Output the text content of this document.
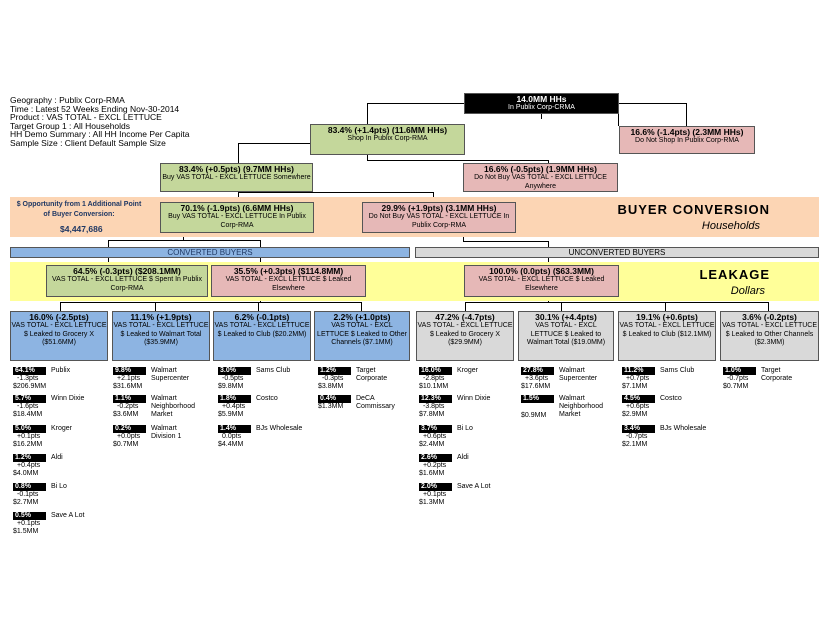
Geography : Publix Corp-RMA
Time : Latest 52 Weeks Ending Nov-30-2014
Product : VAS TOTAL - EXCL LETTUCE
Target Group 1 : All Households
HH Demo Summary : All HH Income Per Capita
Sample Size : Client Default Sample Size
14.0MM HHs
In Publix Corp-CRMA
83.4% (+1.4pts) (11.6MM HHs)
Shop In Publix Corp-RMA
16.6% (-1.4pts) (2.3MM HHs)
Do Not Shop In Publix Corp-RMA
83.4% (+0.5pts) (9.7MM HHs)
Buy VAS TOTAL - EXCL LETTUCE Somewhere
16.6% (-0.5pts) (1.9MM HHs)
Do Not Buy VAS TOTAL - EXCL LETTUCE Anywhere
$ Opportunity from 1 Additional Point of Buyer Conversion:
$4,447,686
BUYER CONVERSION
Households
70.1% (-1.9pts) (6.6MM HHs)
Buy VAS TOTAL - EXCL LETTUCE In Publix Corp-RMA
29.9% (+1.9pts) (3.1MM HHs)
Do Not Buy VAS TOTAL - EXCL LETTUCE In Publix Corp-RMA
CONVERTED BUYERS	UNCONVERTED BUYERS
LEAKAGE
Dollars
64.5% (-0.3pts) ($208.1MM)
VAS TOTAL - EXCL LETTUCE $ Spent In Publix Corp-RMA
35.5% (+0.3pts) ($114.8MM)
VAS TOTAL - EXCL LETTUCE $ Leaked Elsewhere
100.0% (0.0pts) ($63.3MM)
VAS TOTAL - EXCL LETTUCE $ Leaked Elsewhere
16.0% (-2.5pts)
VAS TOTAL - EXCL LETTUCE $ Leaked to Grocery X ($51.6MM)
11.1% (+1.9pts)
VAS TOTAL - EXCL LETTUCE $ Leaked to Walmart Total ($35.9MM)
6.2% (-0.1pts)
VAS TOTAL - EXCL LETTUCE $ Leaked to Club ($20.2MM)
2.2% (+1.0pts)
VAS TOTAL - EXCL LETTUCE $ Leaked to Other Channels ($7.1MM)
47.2% (-4.7pts)
VAS TOTAL - EXCL LETTUCE $ Leaked to Grocery X ($29.9MM)
30.1% (+4.4pts)
VAS TOTAL - EXCL LETTUCE $ Leaked to Walmart Total ($19.0MM)
19.1% (+0.6pts)
VAS TOTAL - EXCL LETTUCE $ Leaked to Club ($12.1MM)
3.6% (-0.2pts)
VAS TOTAL - EXCL LETTUCE $ Leaked to Other Channels ($2.3MM)
64.1% Publix
-1.3pts
$206.9MM
5.7%	Winn Dixie
-1.6pts
$18.4MM
5.0%	Kroger
+0.1pts
$16.2MM
1.2%	Aldi
+0.4pts
$4.0MM
0.8%	Bi Lo
-0.1pts
$2.7MM
0.5%	Save A Lot
+0.1pts
$1.5MM
9.8%	Walmart Supercenter
+2.1pts
$31.6MM
1.1%	Walmart Neighborhood Market
-0.2pts
$3.6MM
0.2%	Walmart Division 1
+0.0pts
$0.7MM
3.0%	Sams Club
-0.5pts
$9.8MM
1.8%	Costco
+0.4pts
$5.9MM
1.4%	BJs Wholesale
0.0pts
$4.4MM
1.2%	Target Corporate
-0.3pts
$3.8MM
0.4%	DeCA Commissary
$1.3MM
16.0% Kroger
-2.8pts
$10.1MM
12.3% Winn Dixie
-3.8pts
$7.8MM
3.7%	Bi Lo
+0.6pts
$2.4MM
2.6%	Aldi
+0.2pts
$1.6MM
2.0%	Save A Lot
+0.1pts
$1.3MM
27.8% Walmart Supercenter
+3.6pts
$17.6MM
1.5%	Walmart Neighborhood Market
$0.9MM
11.2% Sams Club
+0.7pts
$7.1MM
4.5%	Costco
+0.6pts
$2.9MM
3.4%	BJs Wholesale
-0.7pts
$2.1MM
1.0%	Target Corporate
-0.7pts
$0.7MM
